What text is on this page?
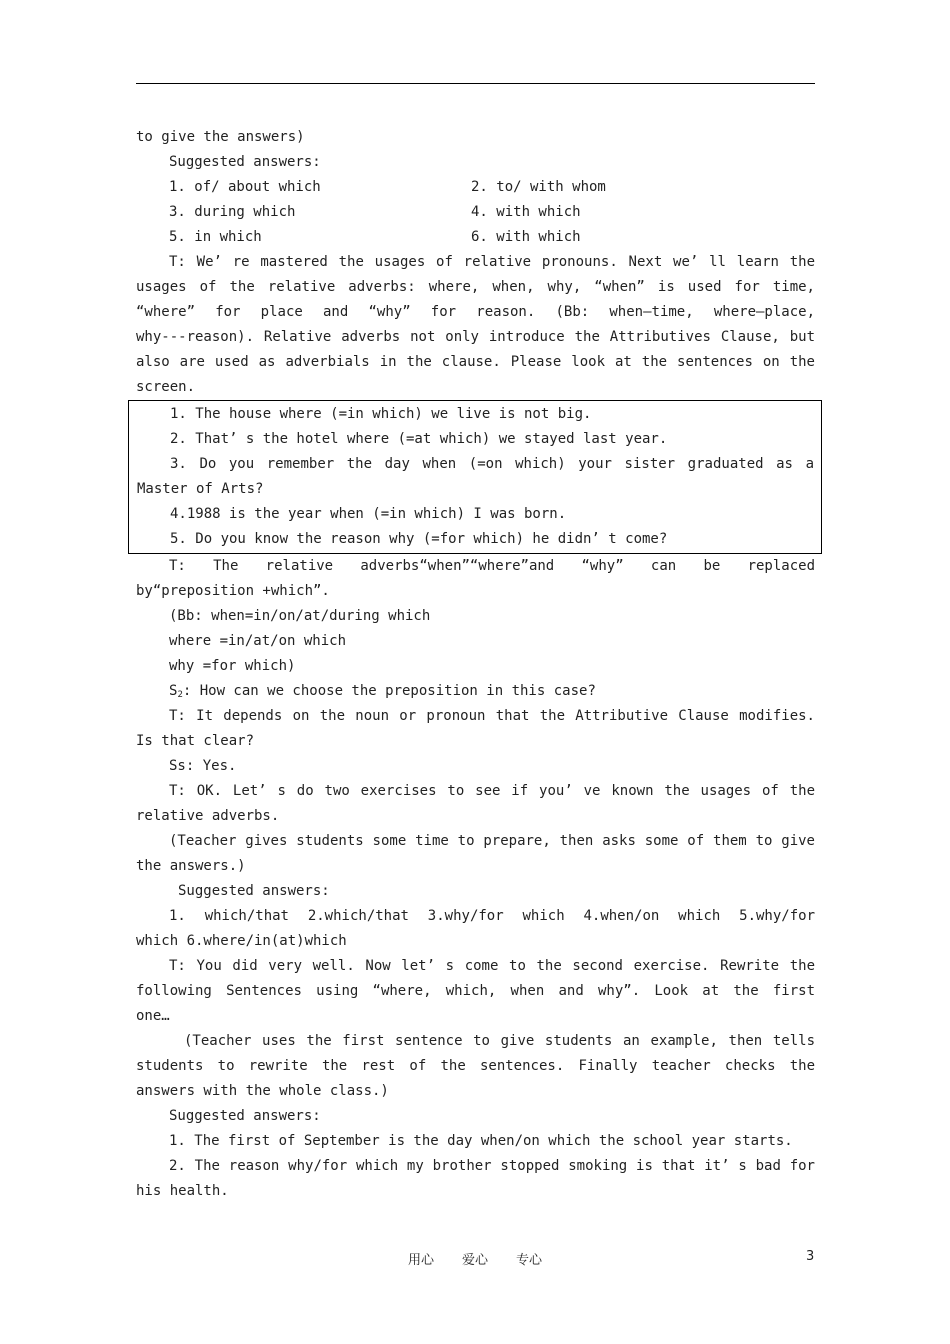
to give the answers)
Suggested answers:
1. of/ about which	2. to/ with whom
3. during which	4. with which
5. in which	6. with which
T: We’ re mastered the usages of relative pronouns. Next we’ ll learn the
usages of the relative adverbs: where, when, why, “when” is used for time,
“where” for place and “why” for reason. (Bb: when—time, where—place,
why---reason). Relative adverbs not only introduce the Attributives Clause, but
also are used as adverbials in the clause. Please look at the sentences on the
screen.
1. The house where (=in which) we live is not big.
2. That’ s the hotel where (=at which) we stayed last year.
3. Do you remember the day when (=on which) your sister graduated as a
Master of Arts?
4.1988 is the year when (=in which) I was born.
5. Do you know the reason why (=for which) he didn’ t come?
T: The relative adverbs“when”“where”and “why” can be replaced
by“preposition +which”.
(Bb: when=in/on/at/during which
where =in/at/on which
why =for which)
$S_2$: How can we choose the preposition in this case?
T: It depends on the noun or pronoun that the Attributive Clause modifies.
Is that clear?
Ss: Yes.
T: OK. Let’ s do two exercises to see if you’ ve known the usages of the
relative adverbs.
(Teacher gives students some time to prepare, then asks some of them to give
the answers.)
Suggested answers:
1. which/that 2.which/that 3.why/for which 4.when/on which 5.why/for
which 6.where/in(at)which
T: You did very well. Now let’ s come to the second exercise. Rewrite the
following Sentences using “where, which, when and why”. Look at the first
one…
(Teacher uses the first sentence to give students an example, then tells
students to rewrite the rest of the sentences. Finally teacher checks the
answers with the whole class.)
Suggested answers:
1. The first of September is the day when/on which the school year starts.
2. The reason why/for which my brother stopped smoking is that it’ s bad for
his health.
用心 爱心 专心	3
